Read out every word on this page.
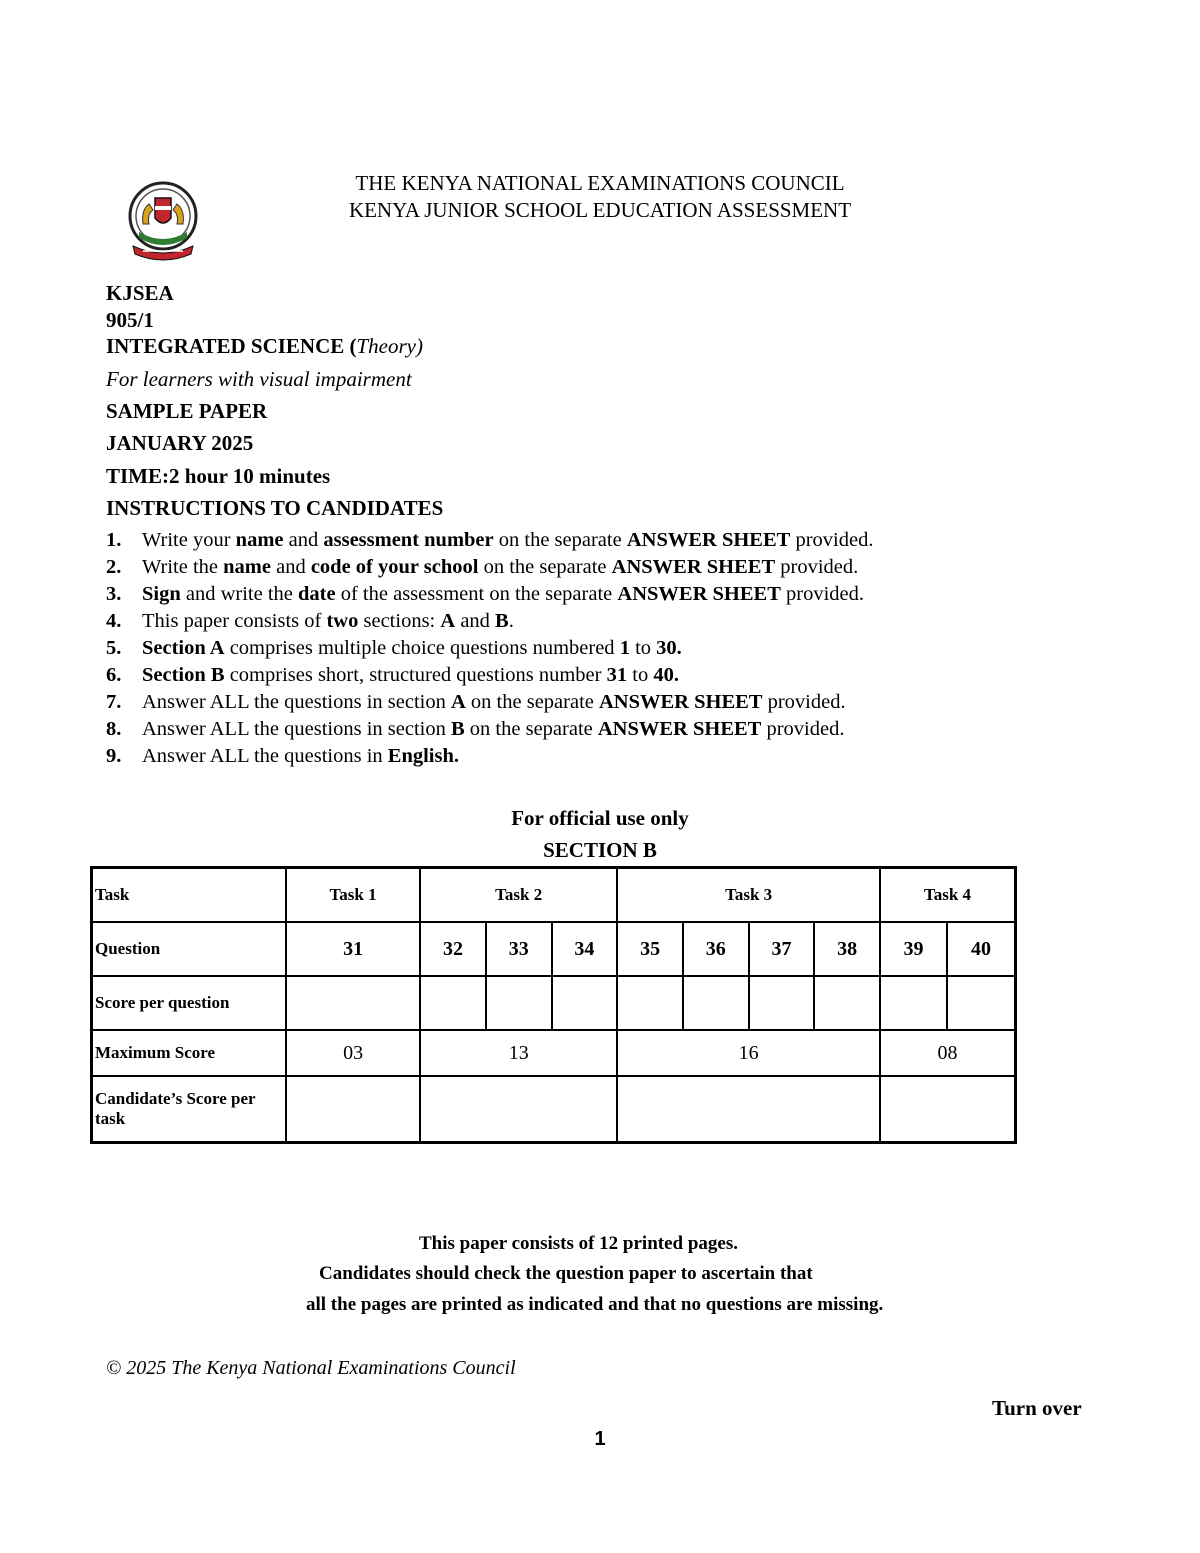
THE KENYA NATIONAL EXAMINATIONS COUNCIL
KENYA JUNIOR SCHOOL EDUCATION ASSESSMENT
KJSEA
905/1
INTEGRATED SCIENCE (Theory)
For learners with visual impairment
SAMPLE PAPER
JANUARY 2025
TIME:2 hour 10 minutes
INSTRUCTIONS TO CANDIDATES
1. Write your name and assessment number on the separate ANSWER SHEET provided.
2. Write the name and code of your school on the separate ANSWER SHEET provided.
3. Sign and write the date of the assessment on the separate ANSWER SHEET provided.
4. This paper consists of two sections: A and B.
5. Section A comprises multiple choice questions numbered 1 to 30.
6. Section B comprises short, structured questions number 31 to 40.
7. Answer ALL the questions in section A on the separate ANSWER SHEET provided.
8. Answer ALL the questions in section B on the separate ANSWER SHEET provided.
9. Answer ALL the questions in English.
For official use only
SECTION B
Task	Task 1	Task 2			Task 3				Task 4	
Question	31	32	33	34	35	36	37	38	39	40
Score per question										
Maximum Score	03	13			16				08	
Candidate’s Score per task										
This paper consists of 12 printed pages.
Candidates should check the question paper to ascertain that
all the pages are printed as indicated and that no questions are missing.
© 2025 The Kenya National Examinations Council
Turn over
1
